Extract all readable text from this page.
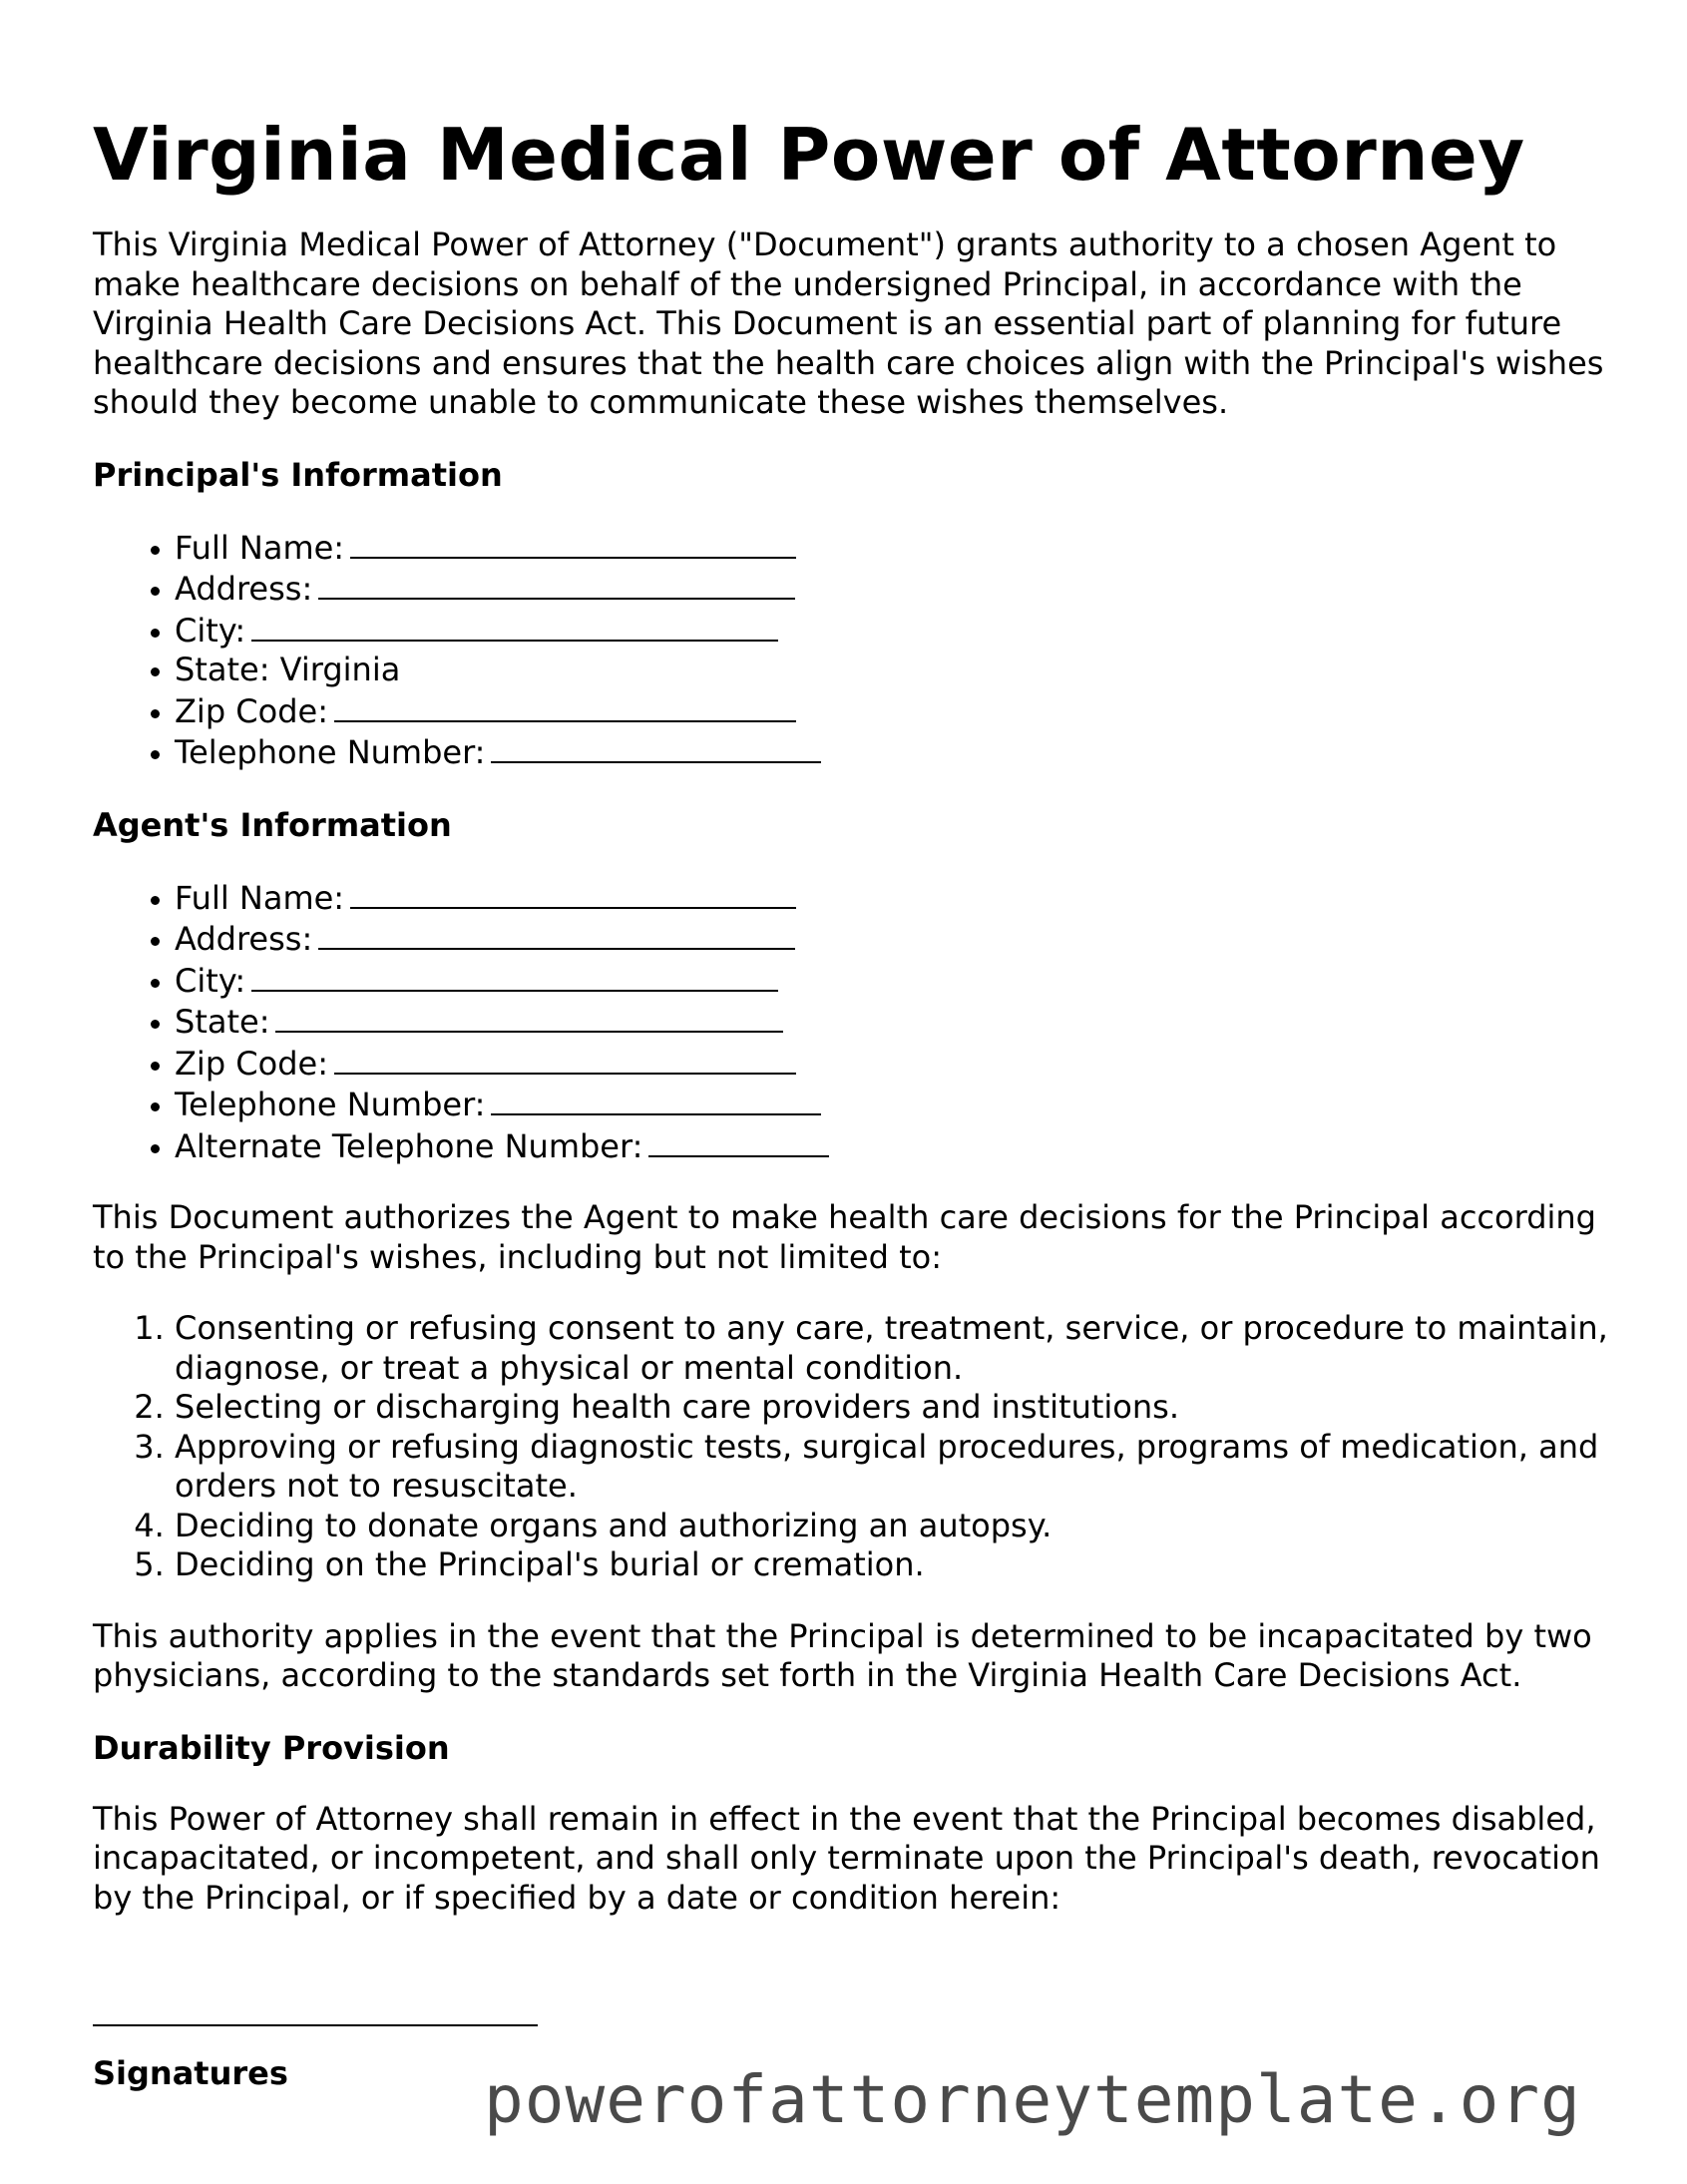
Virginia Medical Power of Attorney

This Virginia Medical Power of Attorney ("Document") grants authority to a chosen Agent to make healthcare decisions on behalf of the undersigned Principal, in accordance with the Virginia Health Care Decisions Act. This Document is an essential part of planning for future healthcare decisions and ensures that the health care choices align with the Principal's wishes should they become unable to communicate these wishes themselves.

Principal's Information
• Full Name:
• Address:
• City:
• State: Virginia
• Zip Code:
• Telephone Number:
Agent's Information
• Full Name:
• Address:
• City:
• State:
• Zip Code:
• Telephone Number:
• Alternate Telephone Number:

This Document authorizes the Agent to make health care decisions for the Principal according to the Principal's wishes, including but not limited to:

1. Consenting or refusing consent to any care, treatment, service, or procedure to maintain, diagnose, or treat a physical or mental condition.
2. Selecting or discharging health care providers and institutions.
3. Approving or refusing diagnostic tests, surgical procedures, programs of medication, and orders not to resuscitate.
4. Deciding to donate organs and authorizing an autopsy.
5. Deciding on the Principal's burial or cremation.

This authority applies in the event that the Principal is determined to be incapacitated by two physicians, according to the standards set forth in the Virginia Health Care Decisions Act.

Durability Provision

This Power of Attorney shall remain in effect in the event that the Principal becomes disabled, incapacitated, or incompetent, and shall only terminate upon the Principal's death, revocation by the Principal, or if specified by a date or condition herein:

Signatures	powerofattorneytemplate.org
